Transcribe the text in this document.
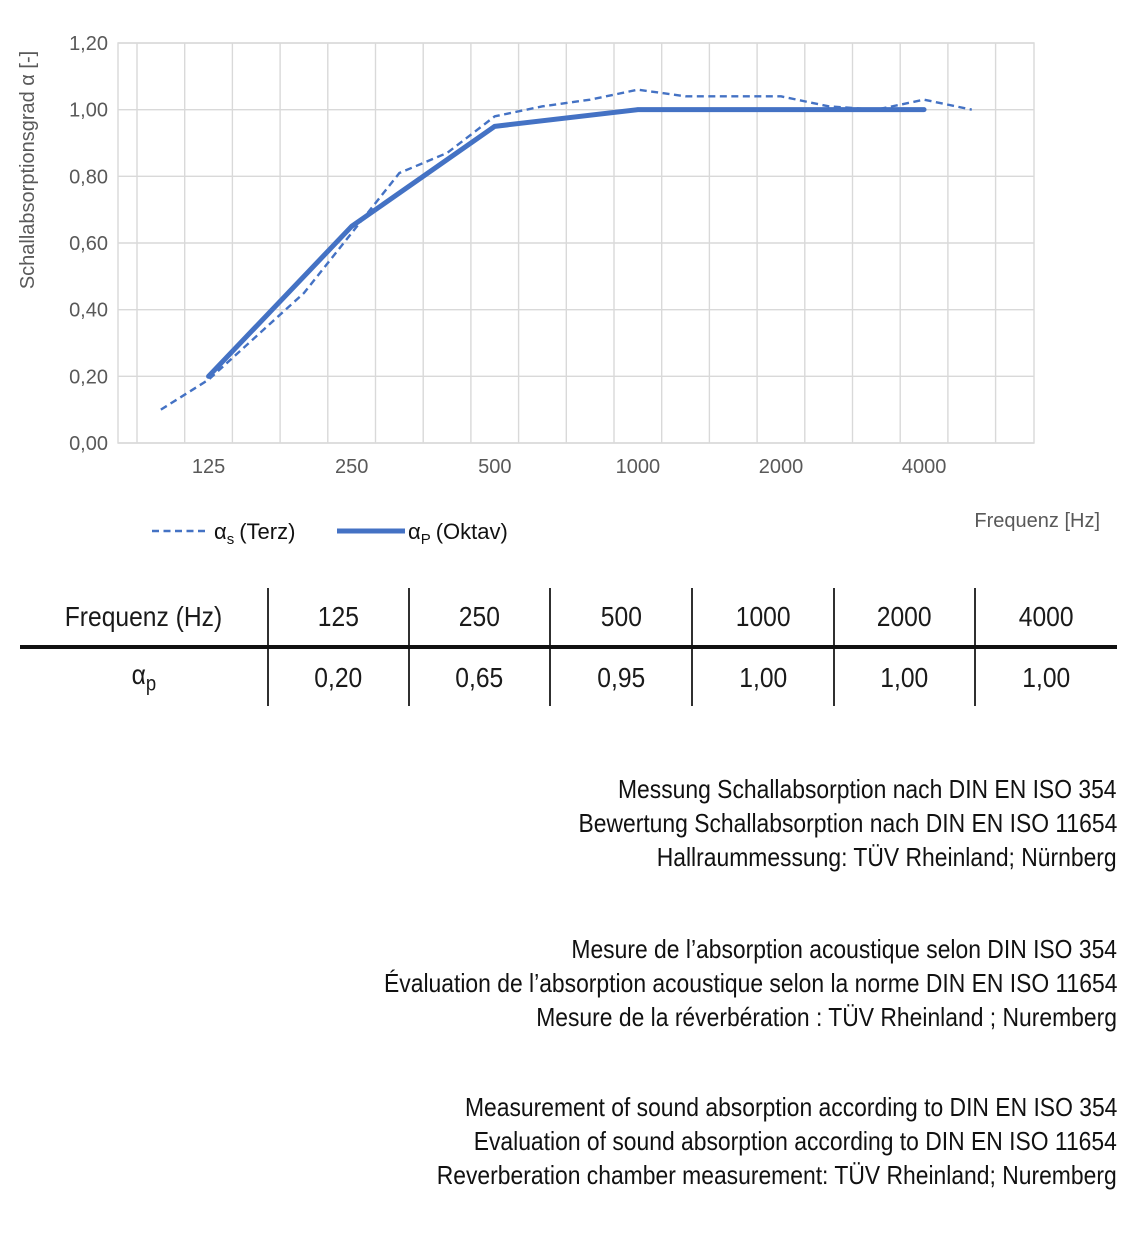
Schallabsorptionsgrad α [-]
1,20
1,00
0,80
0,60
0,40
0,20
0,00
125	250	500	1000	2000	4000
Frequenz [Hz]
$\alpha_s$ (Terz)	$\alpha_P$ (Oktav)
Frequenz (Hz)	125	250	500	1000	2000	4000
$\alpha_p$	0,20	0,65	0,95	1,00	1,00	1,00
Messung Schallabsorption nach DIN EN ISO 354
Bewertung Schallabsorption nach DIN EN ISO 11654
Hallraummessung: TÜV Rheinland; Nürnberg
Mesure de l’absorption acoustique selon DIN ISO 354
Évaluation de l’absorption acoustique selon la norme DIN EN ISO 11654
Mesure de la réverbération : TÜV Rheinland ; Nuremberg
Measurement of sound absorption according to DIN EN ISO 354
Evaluation of sound absorption according to DIN EN ISO 11654
Reverberation chamber measurement: TÜV Rheinland; Nuremberg
